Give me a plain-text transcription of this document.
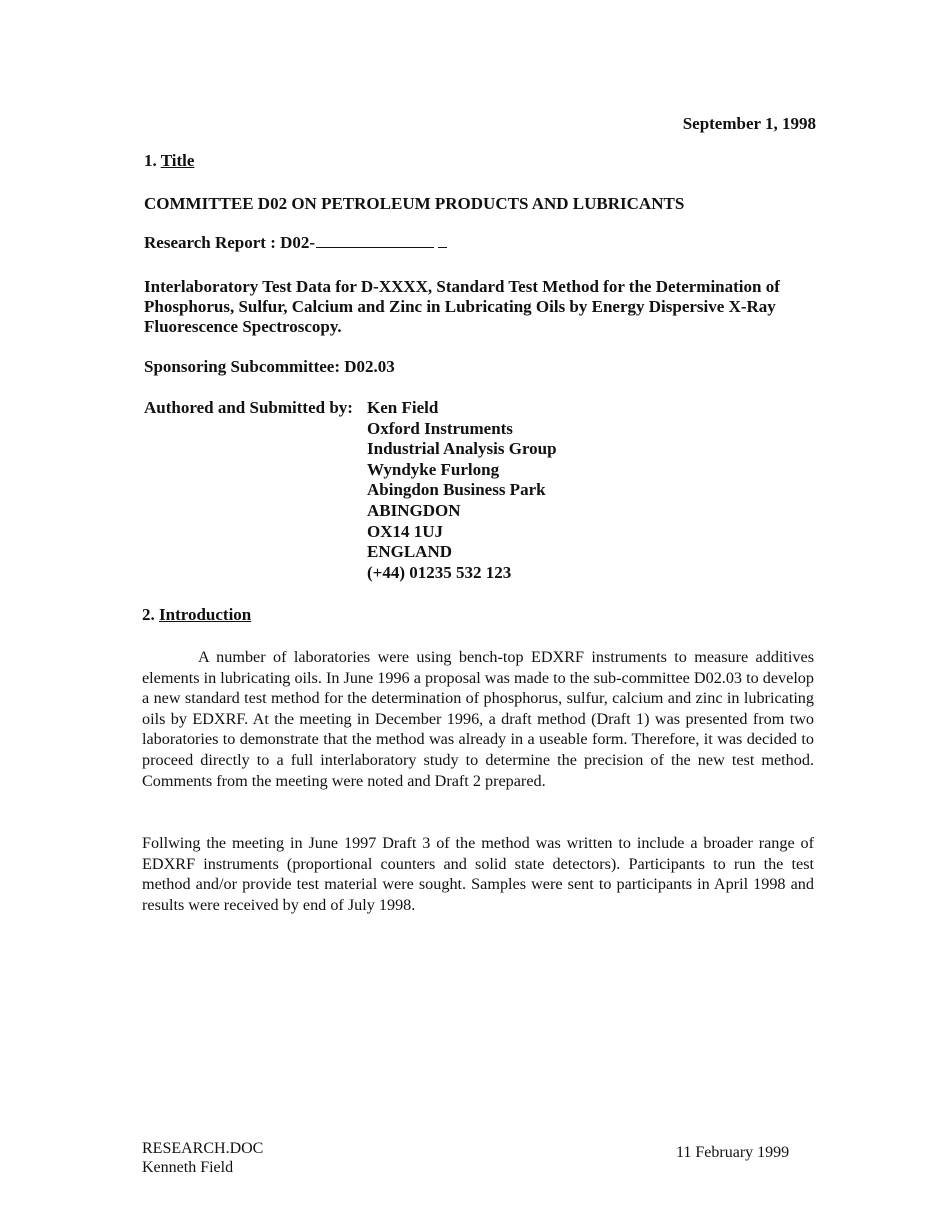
September 1, 1998
1. Title
COMMITTEE D02 ON PETROLEUM PRODUCTS AND LUBRICANTS
Research Report : D02-
Interlaboratory Test Data for D-XXXX, Standard Test Method for the Determination of Phosphorus, Sulfur, Calcium and Zinc in Lubricating Oils by Energy Dispersive X-Ray Fluorescence Spectroscopy.
Sponsoring Subcommittee: D02.03
Authored and Submitted by: Ken Field
Oxford Instruments
Industrial Analysis Group
Wyndyke Furlong
Abingdon Business Park
ABINGDON
OX14 1UJ
ENGLAND
(+44) 01235 532 123
2. Introduction
A number of laboratories were using bench-top EDXRF instruments to measure additives elements in lubricating oils. In June 1996 a proposal was made to the sub-committee D02.03 to develop a new standard test method for the determination of phosphorus, sulfur, calcium and zinc in lubricating oils by EDXRF. At the meeting in December 1996, a draft method (Draft 1) was presented from two laboratories to demonstrate that the method was already in a useable form. Therefore, it was decided to proceed directly to a full interlaboratory study to determine the precision of the new test method. Comments from the meeting were noted and Draft 2 prepared.
Follwing the meeting in June 1997 Draft 3 of the method was written to include a broader range of EDXRF instruments (proportional counters and solid state detectors). Participants to run the test method and/or provide test material were sought. Samples were sent to participants in April 1998 and results were received by end of July 1998.
RESEARCH.DOC
Kenneth Field
11 February 1999
